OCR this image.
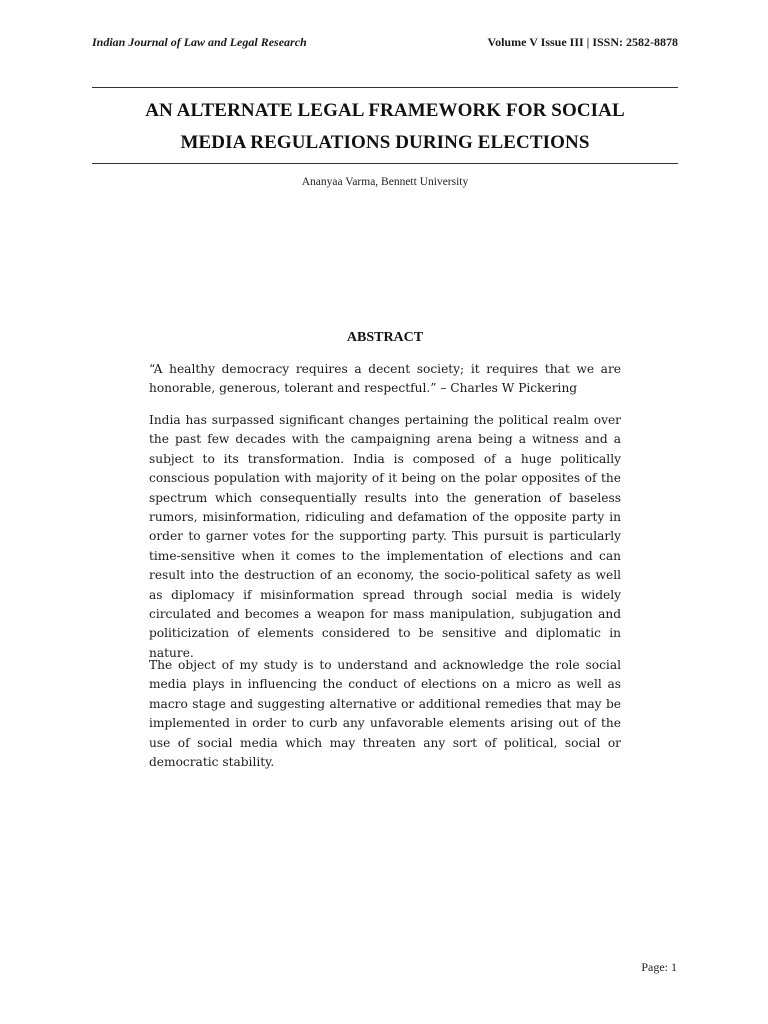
Indian Journal of Law and Legal Research	Volume V Issue III | ISSN: 2582-8878
AN ALTERNATE LEGAL FRAMEWORK FOR SOCIAL
MEDIA REGULATIONS DURING ELECTIONS
Ananyaa Varma, Bennett University
ABSTRACT

“A healthy democracy requires a decent society; it requires that we are honorable, generous, tolerant and respectful.” – Charles W Pickering

India has surpassed significant changes pertaining the political realm over the past few decades with the campaigning arena being a witness and a subject to its transformation. India is composed of a huge politically conscious population with majority of it being on the polar opposites of the spectrum which consequentially results into the generation of baseless rumors, misinformation, ridiculing and defamation of the opposite party in order to garner votes for the supporting party. This pursuit is particularly time-sensitive when it comes to the implementation of elections and can result into the destruction of an economy, the socio-political safety as well as diplomacy if misinformation spread through social media is widely circulated and becomes a weapon for mass manipulation, subjugation and politicization of elements considered to be sensitive and diplomatic in nature.

The object of my study is to understand and acknowledge the role social media plays in influencing the conduct of elections on a micro as well as macro stage and suggesting alternative or additional remedies that may be implemented in order to curb any unfavorable elements arising out of the use of social media which may threaten any sort of political, social or democratic stability.

Page: 1
